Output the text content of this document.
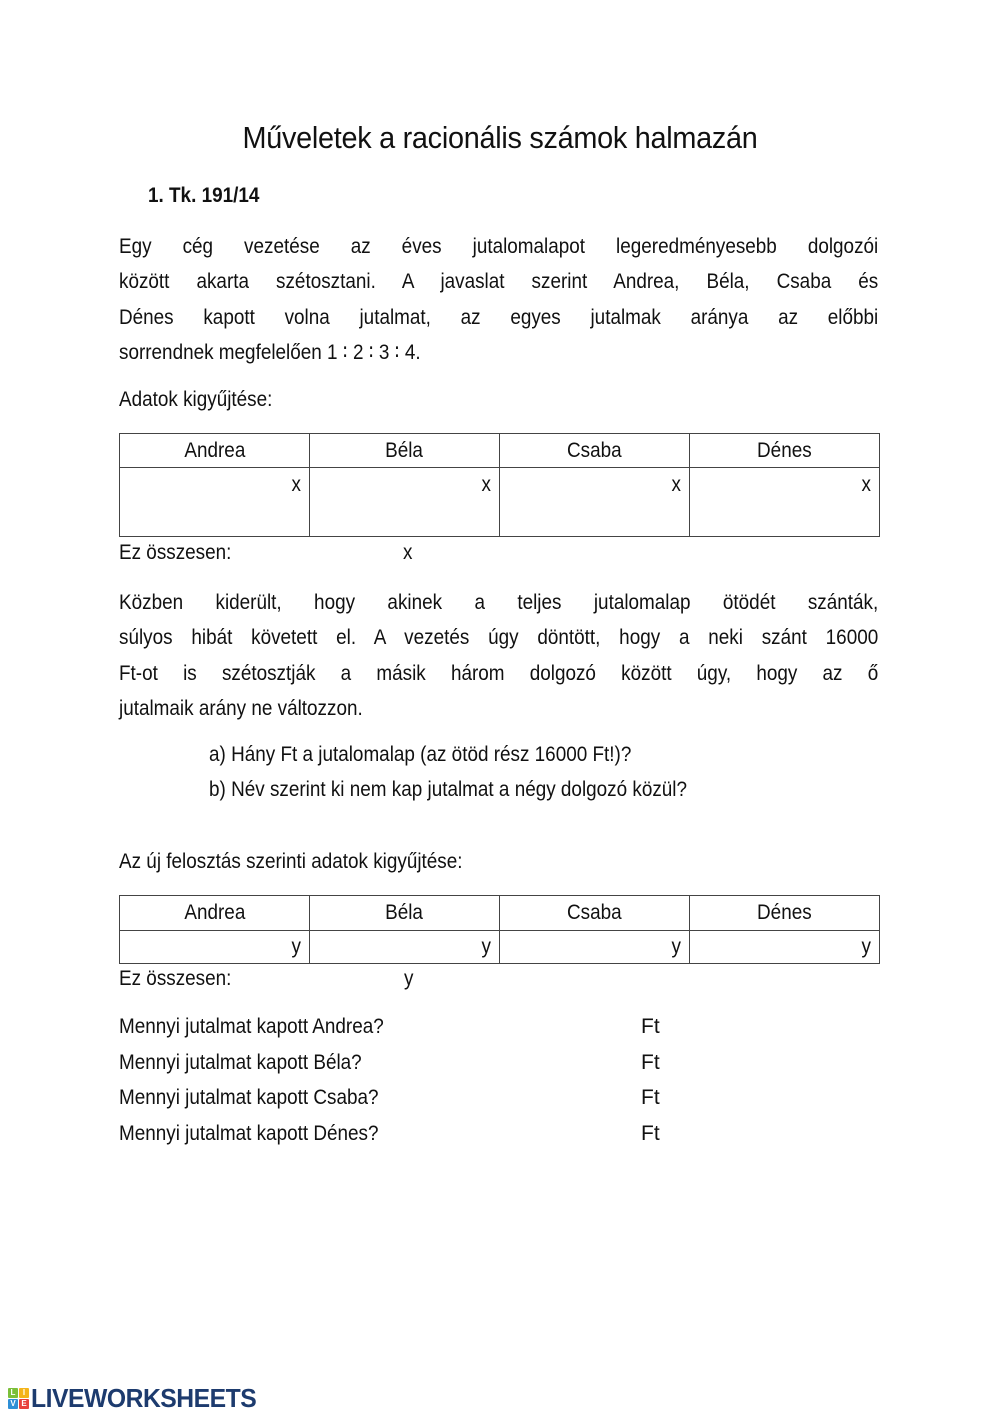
Műveletek a racionális számok halmazán
1. Tk. 191/14
Egy cég vezetése az éves jutalomalapot legeredményesebb dolgozói
között akarta szétosztani. A javaslat szerint Andrea, Béla, Csaba és
Dénes kapott volna jutalmat, az egyes jutalmak aránya az előbbi
sorrendnek megfelelően 1 ∶ 2 ∶ 3 ∶ 4.
Adatok kigyűjtése:
Andrea	Béla	Csaba	Dénes
x	x	x	x
Ez összesen:	x
Közben kiderült, hogy akinek a teljes jutalomalap ötödét szánták,
súlyos hibát követett el. A vezetés úgy döntött, hogy a neki szánt 16000
Ft-ot is szétosztják a másik három dolgozó között úgy, hogy az ő
jutalmaik arány ne változzon.
a) Hány Ft a jutalomalap (az ötöd rész 16000 Ft!)?
b) Név szerint ki nem kap jutalmat a négy dolgozó közül?
Az új felosztás szerinti adatok kigyűjtése:
Andrea	Béla	Csaba	Dénes
y	y	y	y
Ez összesen:	y
Mennyi jutalmat kapott Andrea?	Ft
Mennyi jutalmat kapott Béla?	Ft
Mennyi jutalmat kapott Csaba?	Ft
Mennyi jutalmat kapott Dénes?	Ft
L I
V E LIVEWORKSHEETS
